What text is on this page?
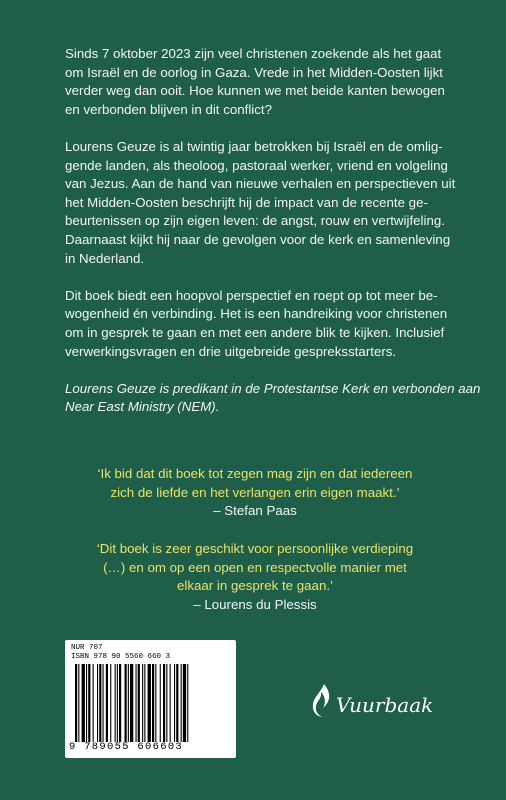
Sinds 7 oktober 2023 zijn veel christenen zoekende als het gaat
om Israël en de oorlog in Gaza. Vrede in het Midden-Oosten lijkt
verder weg dan ooit. Hoe kunnen we met beide kanten bewogen
en verbonden blijven in dit conflict?

Lourens Geuze is al twintig jaar betrokken bij Israël en de omlig-
gende landen, als theoloog, pastoraal werker, vriend en volgeling
van Jezus. Aan de hand van nieuwe verhalen en perspectieven uit
het Midden-Oosten beschrijft hij de impact van de recente ge-
beurtenissen op zijn eigen leven: de angst, rouw en vertwijfeling.
Daarnaast kijkt hij naar de gevolgen voor de kerk en samenleving
in Nederland.

Dit boek biedt een hoopvol perspectief en roept op tot meer be-
wogenheid én verbinding. Het is een handreiking voor christenen
om in gesprek te gaan en met een andere blik te kijken. Inclusief
verwerkingsvragen en drie uitgebreide gespreksstarters.

Lourens Geuze is predikant in de Protestantse Kerk en verbonden aan
Near East Ministry (NEM).

‘Ik bid dat dit boek tot zegen mag zijn en dat iedereen
zich de liefde en het verlangen erin eigen maakt.’
– Stefan Paas
‘Dit boek is zeer geschikt voor persoonlijke verdieping
(…) en om op een open en respectvolle manier met
elkaar in gesprek te gaan.’
– Lourens du Plessis
NUR 707
ISBN 978 90 5560 660 3
9 789055 606603
Vuurbaak
